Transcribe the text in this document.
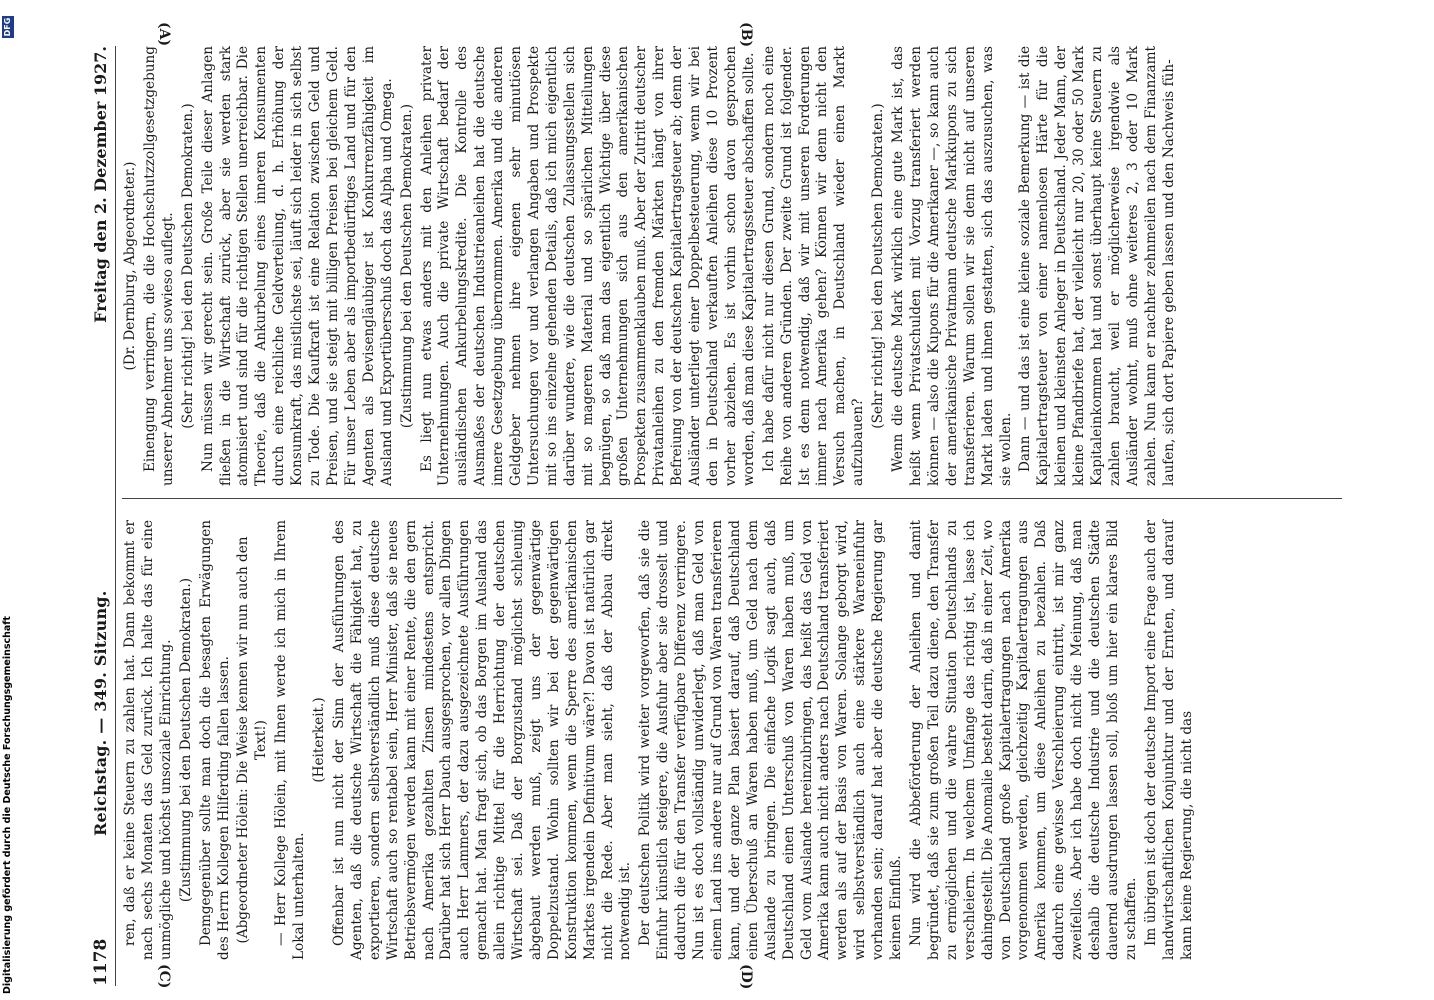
1178
Reichstag. — 349. Sitzung.
Freitag den 2. Dezember 1927.
(A)	(B)
(C)	(D)

(Dr. Dernburg, Abgeordneter.) Einengung verringern, die die Hochschutzzollgesetzgebung unserer Abnehmer uns sowieso auflegt. (Sehr richtig! bei den Deutschen Demokraten.) Nun müssen wir gerecht sein. Große Teile dieser Anlagen fließen in die Wirtschaft zurück, aber sie werden stark atomisiert und sind für die richtigen Stellen unerreichbar. Die Theorie, daß die Ankurbelung eines inneren Konsumenten durch eine reichliche Geldverteilung, d. h. Erhöhung der Konsumkraft, das mistlichste sei, läuft sich leider in sich selbst zu Tode. Die Kaufkraft ist eine Relation zwischen Geld und Preisen, und sie steigt mit billigen Preisen bei gleichem Geld. Für unser Leben aber als importbedürftiges Land und für den Agenten als Devisengläubiger ist Konkurrenzfähigkeit im Ausland und Exportüberschuß doch das Alpha und Omega. (Zustimmung bei den Deutschen Demokraten.) Es liegt nun etwas anders mit den Anleihen privater Unternehmungen. Auch die private Wirtschaft bedarf der ausländischen Ankurbelungskredite. Die Kontrolle des Ausmaßes der deutschen Industrieanleihen hat die deutsche innere Gesetzgebung übernommen. Amerika und die anderen Geldgeber nehmen ihre eigenen sehr minutiösen Untersuchungen vor und verlangen Angaben und Prospekte mit so ins einzelne gehenden Details, daß ich mich eigentlich darüber wundere, wie die deutschen Zulassungsstellen sich mit so mageren Material und so spärlichen Mitteilungen begnügen, so daß man das eigentlich Wichtige über diese großen Unternehmungen sich aus den amerikanischen Prospekten zusammenklauben muß. Aber der Zutritt deutscher Privatanleihen zu den fremden Märkten hängt von ihrer Befreiung von der deutschen Kapitalertragsteuer ab; denn der Ausländer unterliegt einer Doppelbesteuerung, wenn wir bei den in Deutschland verkauften Anleihen diese 10 Prozent vorher abziehen. Es ist vorhin schon davon gesprochen worden, daß man diese Kapitalertragssteuer abschaffen sollte. Ich habe dafür nicht nur diesen Grund, sondern noch eine Reihe von anderen Gründen. Der zweite Grund ist folgender. Ist es denn notwendig, daß wir mit unseren Forderungen immer nach Amerika gehen? Können wir denn nicht den Versuch machen, in Deutschland wieder einen Markt aufzubauen?

(Sehr richtig! bei den Deutschen Demokraten.) Wenn die deutsche Mark wirklich eine gute Mark ist, das heißt wenn Privatschulden mit Vorzug transferiert werden können — also die Kupons für die Amerikaner —, so kann auch der amerikanische Privatmann deutsche Markkupons zu sich transferieren. Warum sollen wir sie denn nicht auf unseren Markt laden und ihnen gestatten, sich das auszusuchen, was sie wollen. Dann — und das ist eine kleine soziale Bemerkung — ist die Kapitalertragsteuer von einer namenlosen Härte für die kleinen und kleinsten Anleger in Deutschland. Jeder Mann, der kleine Pfandbriefe hat, der vielleicht nur 20, 30 oder 50 Mark Kapitaleinkommen hat und sonst überhaupt keine Steuern zu zahlen braucht, weil er möglicherweise irgendwie als Ausländer wohnt, muß ohne weiteres 2, 3 oder 10 Mark zahlen. Nun kann er nachher zehnmeilen nach dem Finanzamt laufen, sich dort Papiere geben lassen und den Nachweis füh-

ren, daß er keine Steuern zu zahlen hat. Dann bekommt er nach sechs Monaten das Geld zurück. Ich halte das für eine unmögliche und höchst unsoziale Einrichtung. (Zustimmung bei den Deutschen Demokraten.) Demgegenüber sollte man doch die besagten Erwägungen des Herrn Kollegen Hilferding fallen lassen. (Abgeordneter Hölein: Die Weise kennen wir nun auch den Text!) — Herr Kollege Hölein, mit Ihnen werde ich mich in Ihrem Lokal unterhalten.

(Heiterkeit.) Offenbar ist nun nicht der Sinn der Ausführungen des Agenten, daß die deutsche Wirtschaft die Fähigkeit hat, zu exportieren, sondern selbstverständlich muß diese deutsche Wirtschaft auch so rentabel sein, Herr Minister, daß sie neues Betriebsvermögen werden kann mit einer Rente, die den gern nach Amerika gezahlten Zinsen mindestens entspricht. Darüber hat sich Herr Dauch ausgesprochen, vor allen Dingen auch Herr Lammers, der dazu ausgezeichnete Ausführungen gemacht hat. Man fragt sich, ob das Borgen im Ausland das allein richtige Mittel für die Herrichtung der deutschen Wirtschaft sei. Daß der Borgzustand möglichst schleunig abgebaut werden muß, zeigt uns der gegenwärtige Doppelzustand. Wohin sollten wir bei der gegenwärtigen Konstruktion kommen, wenn die Sperre des amerikanischen Marktes irgendein Definitivum wäre?! Davon ist natürlich gar nicht die Rede. Aber man sieht, daß der Abbau direkt notwendig ist. Der deutschen Politik wird weiter vorgeworfen, daß sie die Einfuhr künstlich steigere, die Ausfuhr aber sie drosselt und dadurch die für den Transfer verfügbare Differenz verringere. Nun ist es doch vollständig unwiderlegt, daß man Geld von einem Land ins andere nur auf Grund von Waren transferieren kann, und der ganze Plan basiert darauf, daß Deutschland einen Überschuß an Waren haben muß, um Geld nach dem Auslande zu bringen. Die einfache Logik sagt auch, daß Deutschland einen Unterschuß von Waren haben muß, um Geld vom Auslande hereinzubringen, das heißt das Geld von Amerika kann auch nicht anders nach Deutschland transferiert werden als auf der Basis von Waren. Solange geborgt wird, wird selbstverständlich auch eine stärkere Wareneinfuhr vorhanden sein; darauf hat aber die deutsche Regierung gar keinen Einfluß. Nun wird die Abbeförderung der Anleihen und damit begründet, daß sie zum großen Teil dazu diene, den Transfer zu ermöglichen und die wahre Situation Deutschlands zu verschleiern. In welchem Umfange das richtig ist, lasse ich dahingestellt. Die Anomalie besteht darin, daß in einer Zeit, wo von Deutschland große Kapitalertragungen nach Amerika vorgenommen werden, gleichzeitig Kapitalertragungen aus Amerika kommen, um diese Anleihen zu bezahlen. Daß dadurch eine gewisse Verschleierung eintritt, ist mir ganz zweifellos. Aber ich habe doch nicht die Meinung, daß man deshalb die deutsche Industrie und die deutschen Städte dauernd ausdrungen lassen soll, bloß um hier ein klares Bild zu schaffen. Im übrigen ist doch der deutsche Import eine Frage auch der landwirtschaftlichen Konjunktur und der Ernten, und darauf kann keine Regierung, die nicht das

Digitalisierung gefördert durch die Deutsche Forschungsgemeinschaft
DFG
